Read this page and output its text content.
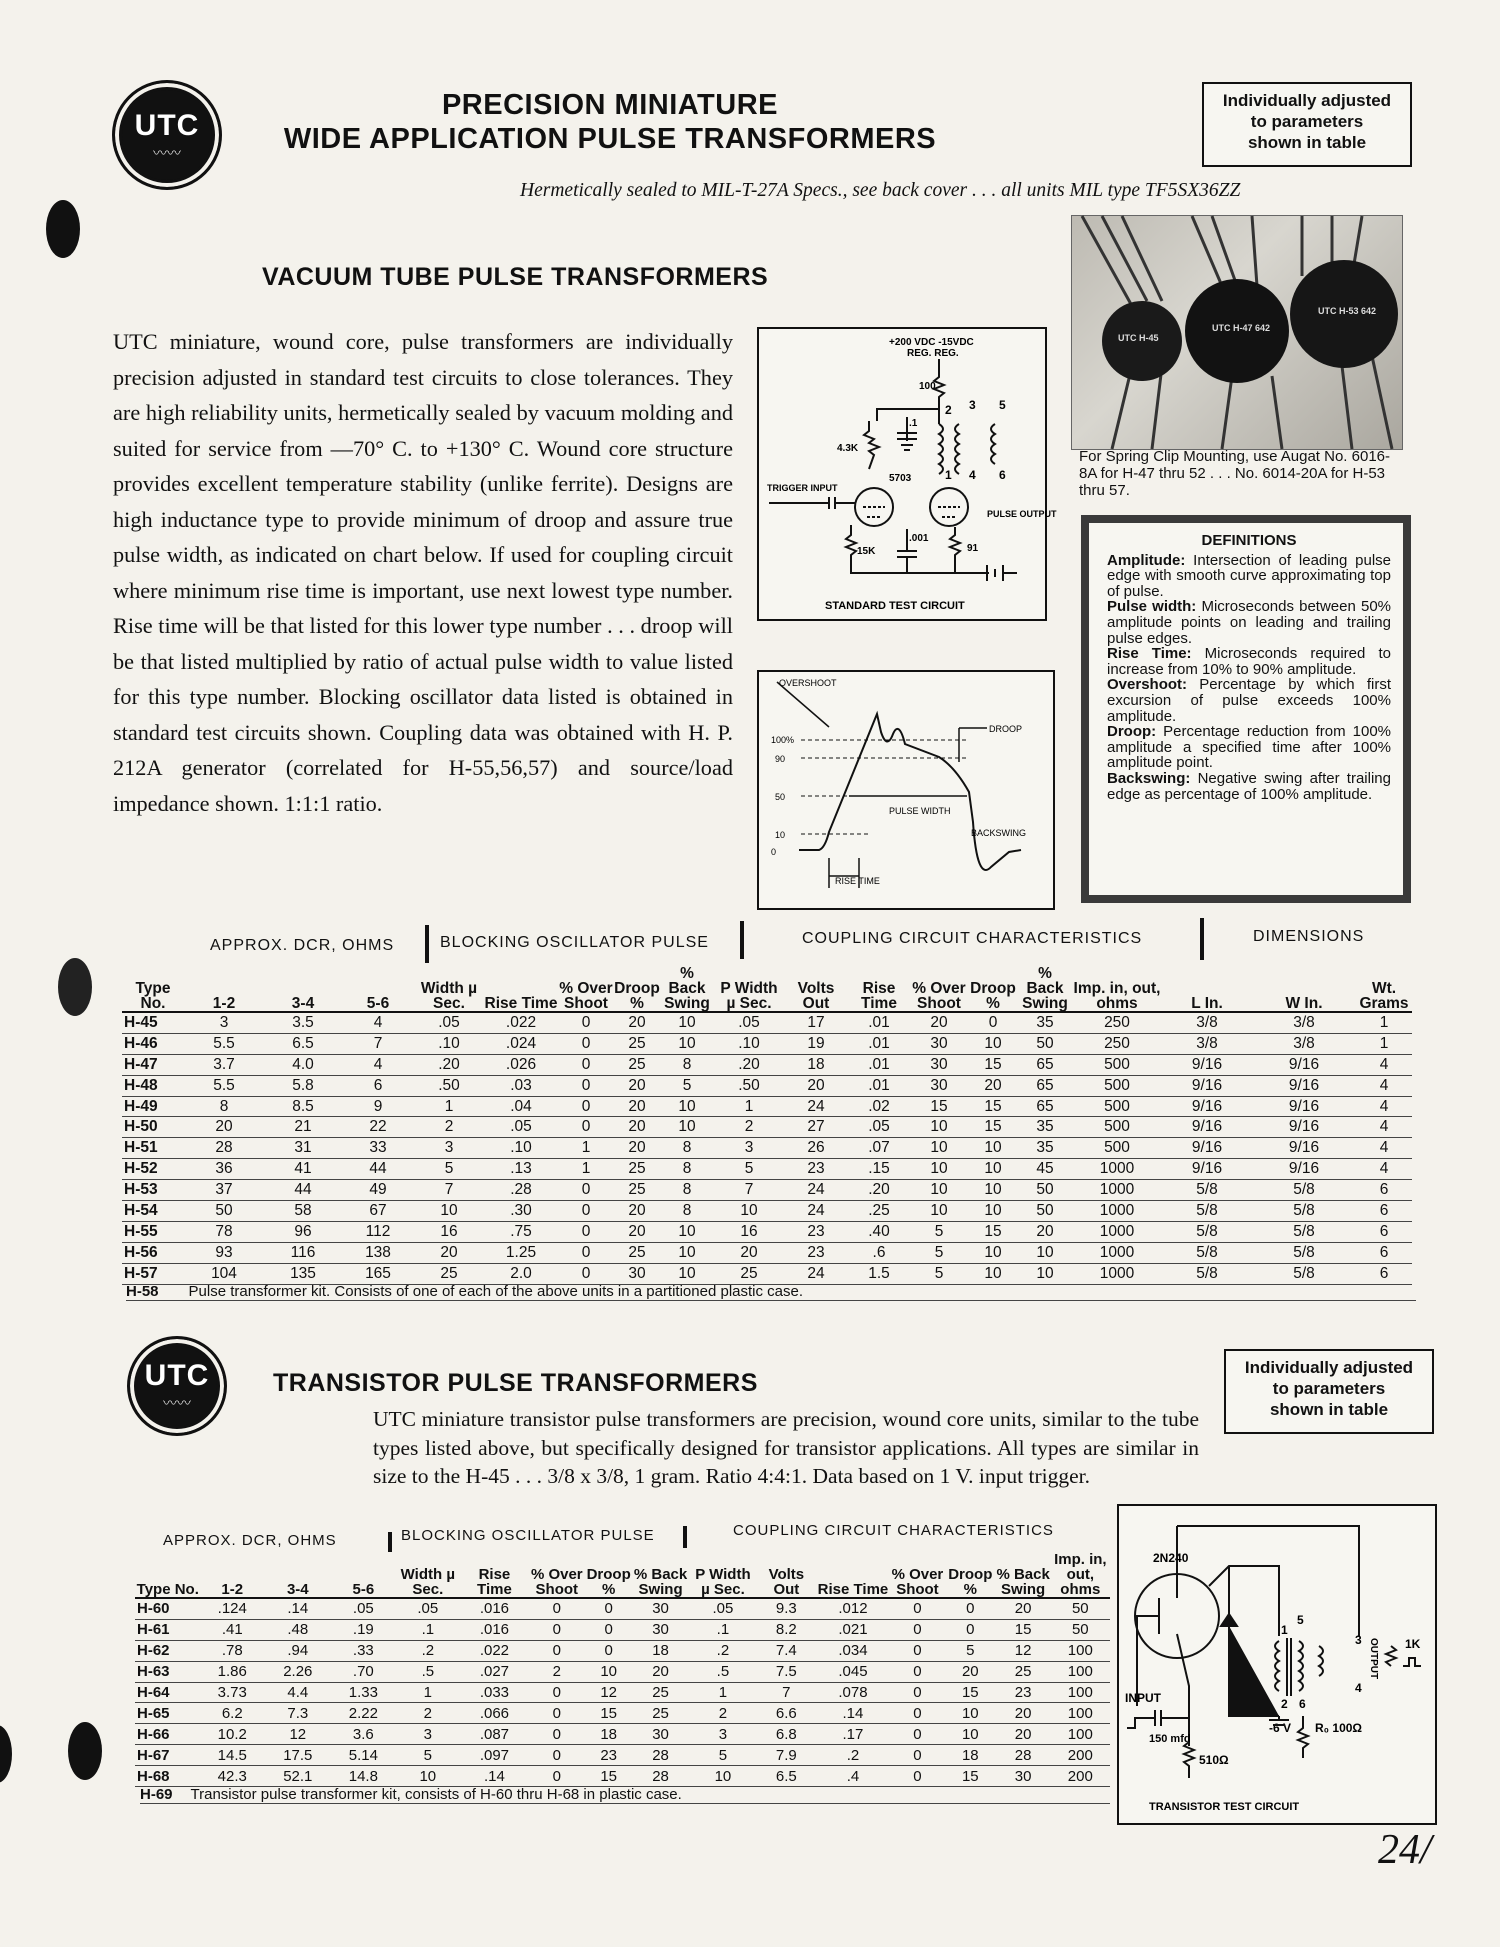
UTC
〰〰
PRECISION MINIATURE
WIDE APPLICATION PULSE TRANSFORMERS
Individually adjusted
to parameters
shown in table
Hermetically sealed to MIL-T-27A Specs., see back cover . . . all units MIL type TF5SX36ZZ
VACUUM TUBE PULSE TRANSFORMERS
UTC miniature, wound core, pulse transformers are individually precision adjusted in standard test circuits to close tolerances. They are high reliability units, hermetically sealed by vacuum molding and suited for service from —70° C. to +130° C. Wound core structure provides excellent temperature stability (unlike ferrite). Designs are high inductance type to provide minimum of droop and assure true pulse width, as indicated on chart below. If used for coupling circuit where minimum rise time is important, use next lowest type number. Rise time will be that listed for this lower type number . . . droop will be that listed multiplied by ratio of actual pulse width to value listed for this type number. Blocking oscillator data listed is obtained in standard test circuits shown. Coupling data was obtained with H. P. 212A generator (correlated for H-55,56,57) and source/load impedance shown. 1:1:1 ratio.
+200 VDC -15VDC
REG. REG.
100
.1
4.3K
2 3 5
1 4 6
5703
TRIGGER INPUT
15K
.001
91
PULSE OUTPUT
STANDARD TEST CIRCUIT
OVERSHOOT
100%
90
50
10
0
DROOP
PULSE WIDTH
BACKSWING
RISE TIME
UTC H-45
UTC H-47 642
UTC H-53 642
For Spring Clip Mounting, use Augat No. 6016-8A for H-47 thru 52 . . . No. 6014-20A for H-53 thru 57.
DEFINITIONS

Amplitude: Intersection of leading pulse edge with smooth curve approximating top of pulse.

Pulse width: Microseconds between 50% amplitude points on leading and trailing pulse edges.

Rise Time: Microseconds required to increase from 10% to 90% amplitude.

Overshoot: Percentage by which first excursion of pulse exceeds 100% amplitude.

Droop: Percentage reduction from 100% amplitude a specified time after 100% amplitude point.

Backswing: Negative swing after trailing edge as percentage of 100% amplitude.

APPROX. DCR, OHMS	BLOCKING OSCILLATOR PULSE	COUPLING CIRCUIT CHARACTERISTICS	DIMENSIONS
Type No.	1-2	3-4	5-6	Width µ Sec.	Rise Time	% Over Shoot	Droop %	% Back Swing	P Width µ Sec.	Volts Out	Rise Time	% Over Shoot	Droop %	% Back Swing	Imp. in, out, ohms	L In.	W In.	Wt. Grams
H-45	3	3.5	4	.05	.022	0	20	10	.05	17	.01	20	0	35	250	3/8	3/8	1
H-46	5.5	6.5	7	.10	.024	0	25	10	.10	19	.01	30	10	50	250	3/8	3/8	1
H-47	3.7	4.0	4	.20	.026	0	25	8	.20	18	.01	30	15	65	500	9/16	9/16	4
H-48	5.5	5.8	6	.50	.03	0	20	5	.50	20	.01	30	20	65	500	9/16	9/16	4
H-49	8	8.5	9	1	.04	0	20	10	1	24	.02	15	15	65	500	9/16	9/16	4
H-50	20	21	22	2	.05	0	20	10	2	27	.05	10	15	35	500	9/16	9/16	4
H-51	28	31	33	3	.10	1	20	8	3	26	.07	10	10	35	500	9/16	9/16	4
H-52	36	41	44	5	.13	1	25	8	5	23	.15	10	10	45	1000	9/16	9/16	4
H-53	37	44	49	7	.28	0	25	8	7	24	.20	10	10	50	1000	5/8	5/8	6
H-54	50	58	67	10	.30	0	20	8	10	24	.25	10	10	50	1000	5/8	5/8	6
H-55	78	96	112	16	.75	0	20	10	16	23	.40	5	15	20	1000	5/8	5/8	6
H-56	93	116	138	20	1.25	0	25	10	20	23	.6	5	10	10	1000	5/8	5/8	6
H-57	104	135	165	25	2.0	0	30	10	25	24	1.5	5	10	10	1000	5/8	5/8	6
H-58 Pulse transformer kit. Consists of one of each of the above units in a partitioned plastic case.
UTC
〰〰
TRANSISTOR PULSE TRANSFORMERS
Individually adjusted
to parameters
shown in table
UTC miniature transistor pulse transformers are precision, wound core units, similar to the tube types listed above, but specifically designed for transistor applications. All types are similar in size to the H-45 . . . 3/8 x 3/8, 1 gram. Ratio 4:4:1. Data based on 1 V. input trigger.
APPROX. DCR, OHMS	BLOCKING OSCILLATOR PULSE	COUPLING CIRCUIT CHARACTERISTICS
Type No.	1-2	3-4	5-6	Width µ Sec.	Rise Time	% Over Shoot	Droop %	% Back Swing	P Width µ Sec.	Volts Out	Rise Time	% Over Shoot	Droop %	% Back Swing	Imp. in, out, ohms
H-60	.124	.14	.05	.05	.016	0	0	30	.05	9.3	.012	0	0	20	50
H-61	.41	.48	.19	.1	.016	0	0	30	.1	8.2	.021	0	0	15	50
H-62	.78	.94	.33	.2	.022	0	0	18	.2	7.4	.034	0	5	12	100
H-63	1.86	2.26	.70	.5	.027	2	10	20	.5	7.5	.045	0	20	25	100
H-64	3.73	4.4	1.33	1	.033	0	12	25	1	7	.078	0	15	23	100
H-65	6.2	7.3	2.22	2	.066	0	15	25	2	6.6	.14	0	10	20	100
H-66	10.2	12	3.6	3	.087	0	18	30	3	6.8	.17	0	10	20	100
H-67	14.5	17.5	5.14	5	.097	0	23	28	5	7.9	.2	0	18	28	200
H-68	42.3	52.1	14.8	10	.14	0	15	28	10	6.5	.4	0	15	30	200
H-69 Transistor pulse transformer kit, consists of H-60 thru H-68 in plastic case.
2N240
1
5
2 6
3
4
OUTPUT 1K
INPUT
150 mfd
510Ω
-6 V R₀ 100Ω
TRANSISTOR TEST CIRCUIT
24/
